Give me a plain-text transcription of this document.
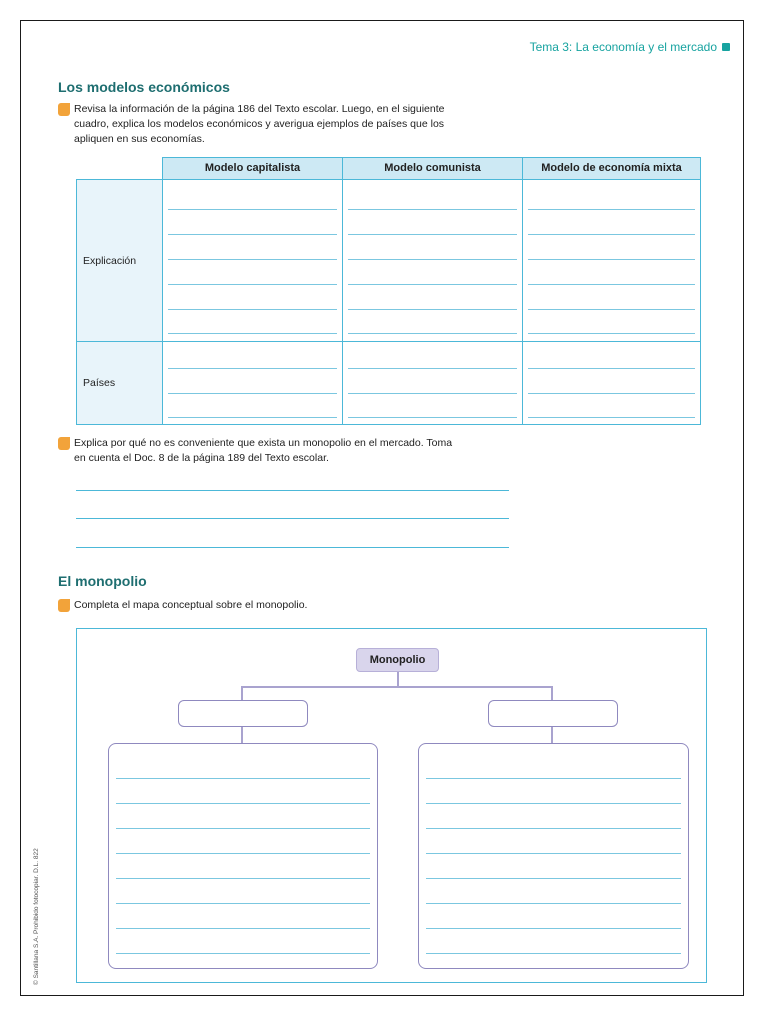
Tema 3: La economía y el mercado
Los modelos económicos
Revisa la información de la página 186 del Texto escolar. Luego, en el siguiente
cuadro, explica los modelos económicos y averigua ejemplos de países que los
apliquen en sus economías.
Modelo capitalista	Modelo comunista	Modelo de economía mixta
Explicación
Países
Explica por qué no es conveniente que exista un monopolio en el mercado. Toma
en cuenta el Doc. 8 de la página 189 del Texto escolar.
El monopolio
Completa el mapa conceptual sobre el monopolio.
Monopolio
© Santillana S.A. Prohibido fotocopiar. D.L. 822
